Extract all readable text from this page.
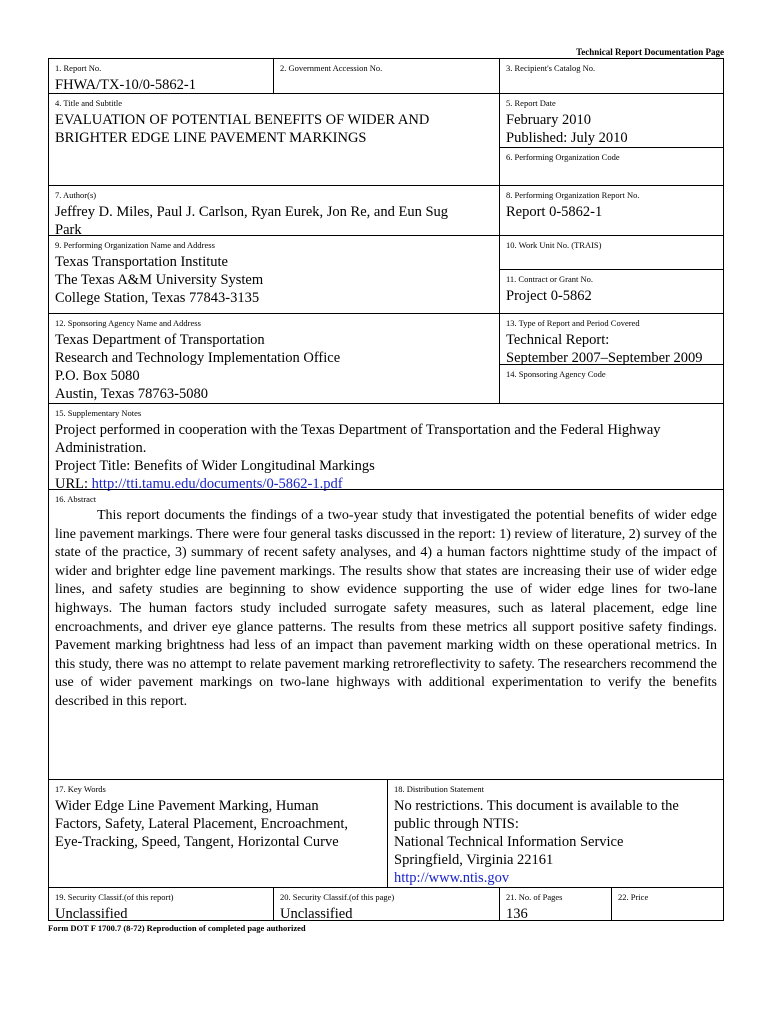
Technical Report Documentation Page
1. Report No.
FHWA/TX-10/0-5862-1
2. Government Accession No.	3. Recipient's Catalog No.
4. Title and Subtitle

EVALUATION OF POTENTIAL BENEFITS OF WIDER AND

BRIGHTER EDGE LINE PAVEMENT MARKINGS

5. Report Date

February 2010

Published: July 2010

6. Performing Organization Code
7. Author(s)

Jeffrey D. Miles, Paul J. Carlson, Ryan Eurek, Jon Re, and Eun Sug

Park

8. Performing Organization Report No.
Report 0-5862-1
9. Performing Organization Name and Address

Texas Transportation Institute

The Texas A&M University System

College Station, Texas 77843-3135

10. Work Unit No. (TRAIS)
11. Contract or Grant No.
Project 0-5862
12. Sponsoring Agency Name and Address

Texas Department of Transportation

Research and Technology Implementation Office

P.O. Box 5080

Austin, Texas 78763-5080

13. Type of Report and Period Covered

Technical Report:

September 2007–September 2009

14. Sponsoring Agency Code
15. Supplementary Notes

Project performed in cooperation with the Texas Department of Transportation and the Federal Highway

Administration.

Project Title: Benefits of Wider Longitudinal Markings

URL: http://tti.tamu.edu/documents/0-5862-1.pdf

16. Abstract

This report documents the findings of a two-year study that investigated the potential benefits of wider edge line pavement markings. There were four general tasks discussed in the report: 1) review of literature, 2) survey of the state of the practice, 3) summary of recent safety analyses, and 4) a human factors nighttime study of the impact of wider and brighter edge line pavement markings. The results show that states are increasing their use of wider edge lines, and safety studies are beginning to show evidence supporting the use of wider edge lines for two-lane highways. The human factors study included surrogate safety measures, such as lateral placement, edge line encroachments, and driver eye glance patterns. The results from these metrics all support positive safety findings. Pavement marking brightness had less of an impact than pavement marking width on these operational metrics. In this study, there was no attempt to relate pavement marking retroreflectivity to safety. The researchers recommend the use of wider pavement markings on two-lane highways with additional experimentation to verify the benefits described in this report.

17. Key Words

Wider Edge Line Pavement Marking, Human

Factors, Safety, Lateral Placement, Encroachment,

Eye-Tracking, Speed, Tangent, Horizontal Curve

18. Distribution Statement

No restrictions. This document is available to the

public through NTIS:

National Technical Information Service

Springfield, Virginia 22161

http://www.ntis.gov

19. Security Classif.(of this report)
Unclassified
20. Security Classif.(of this page)
Unclassified
21. No. of Pages
136
22. Price
Form DOT F 1700.7 (8-72) Reproduction of completed page authorized
